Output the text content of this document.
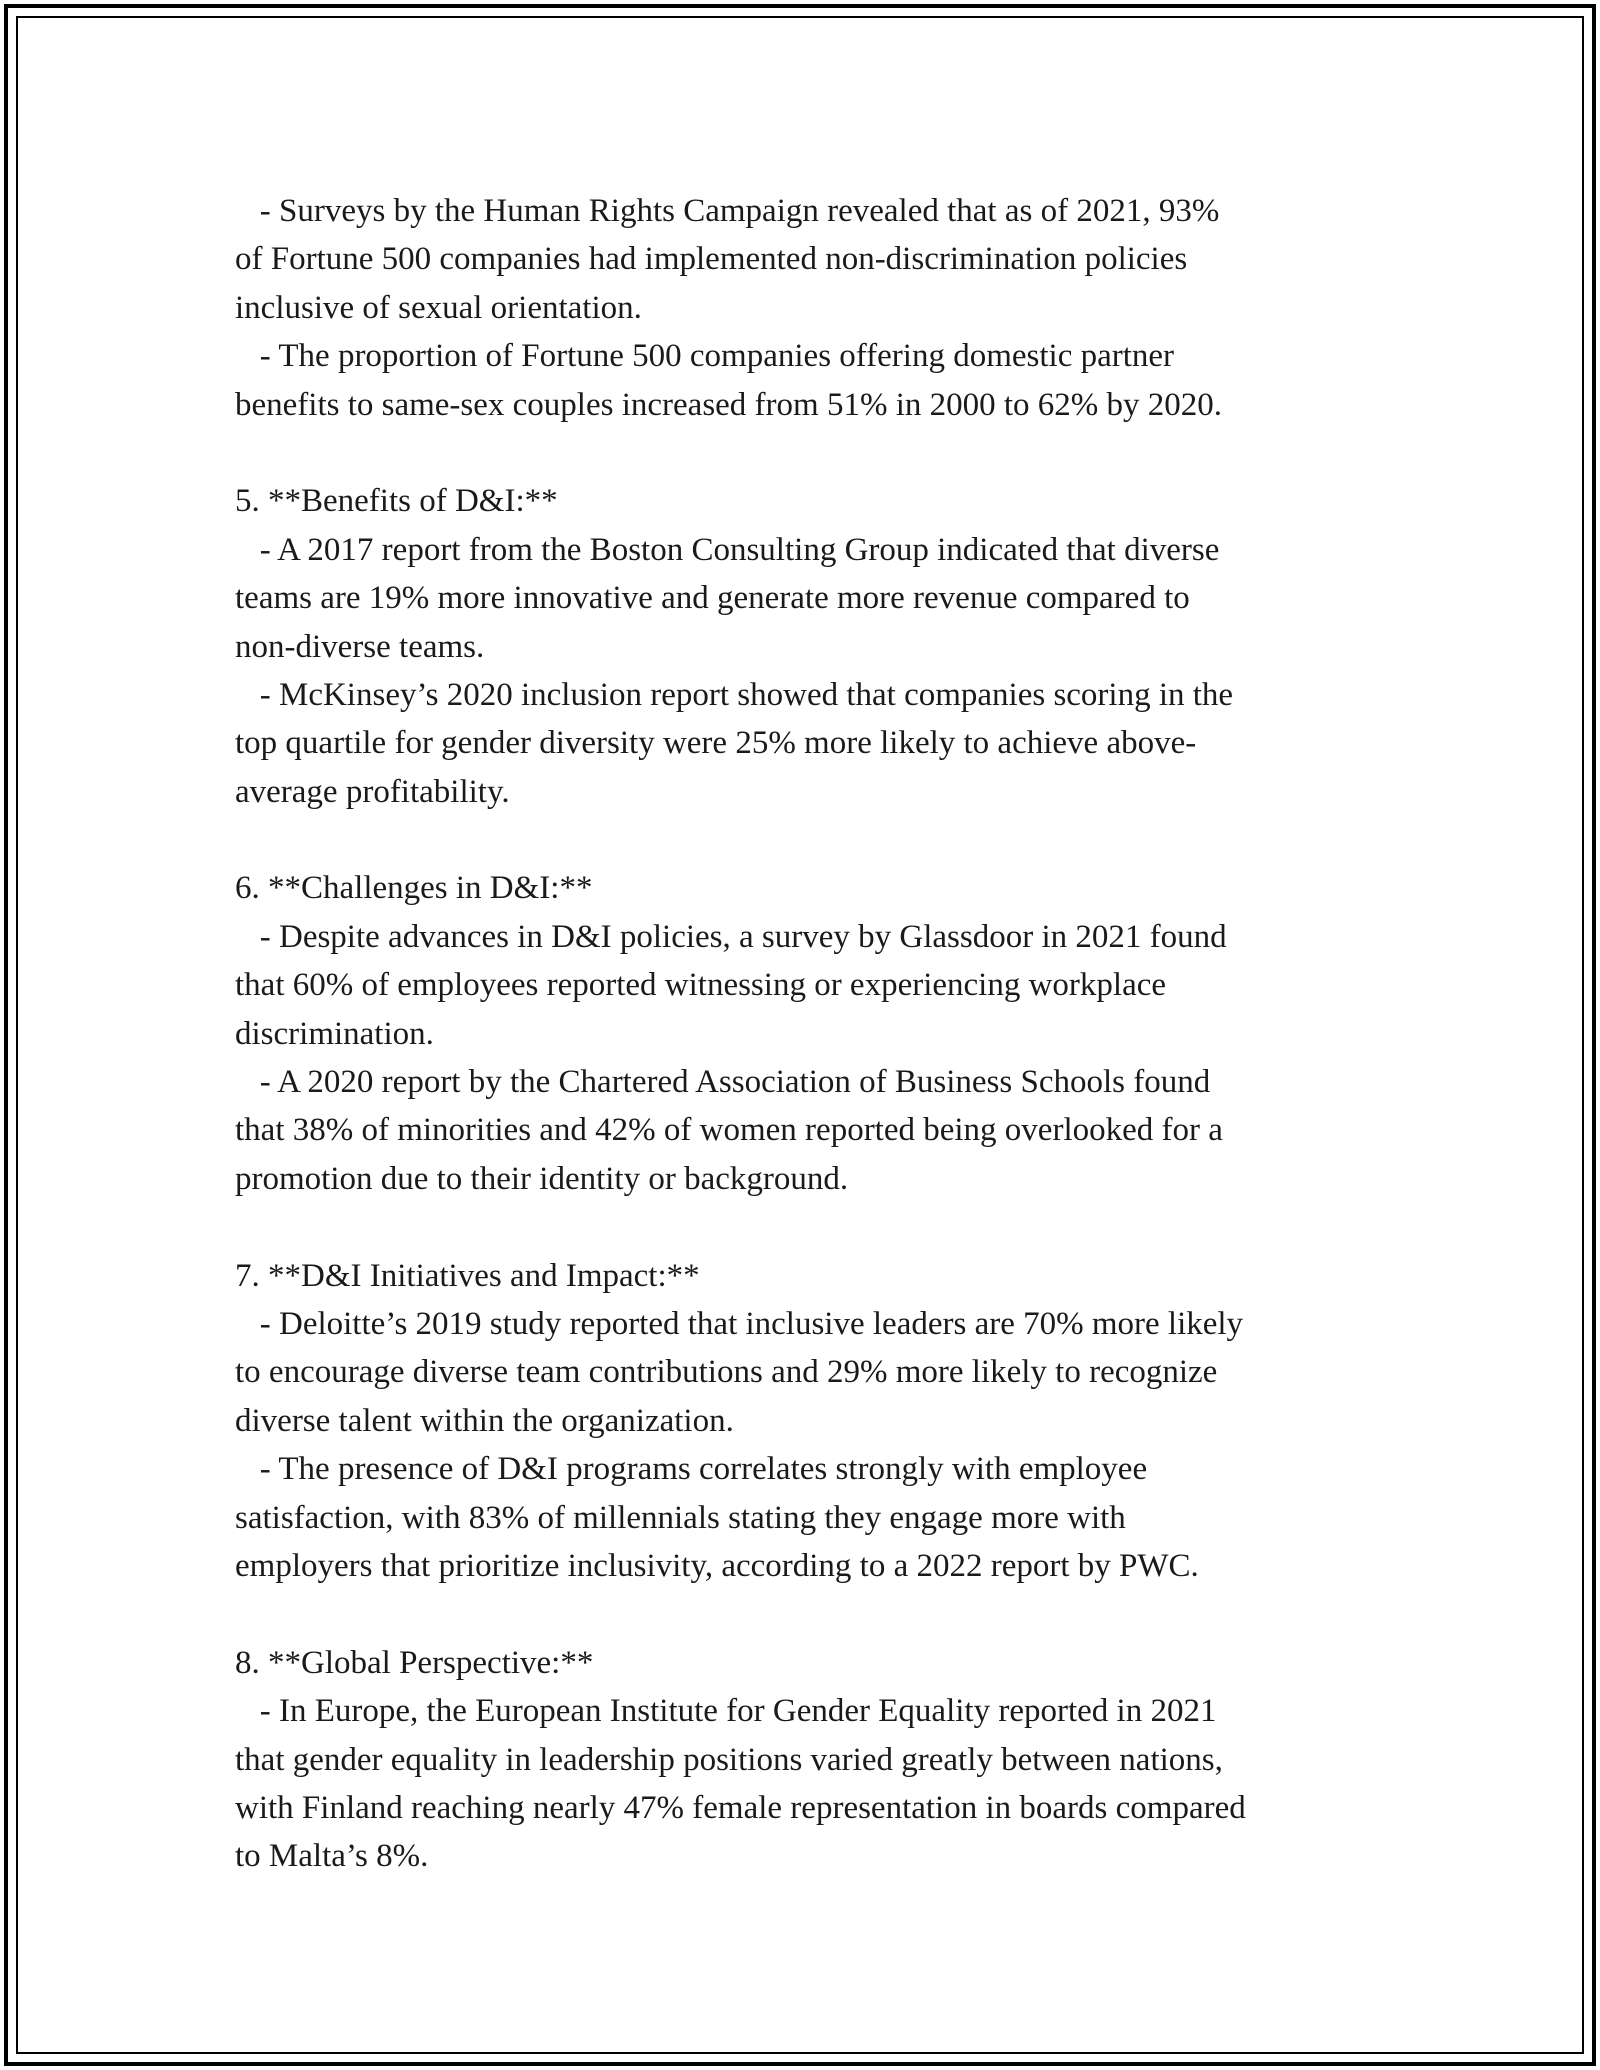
- Surveys by the Human Rights Campaign revealed that as of 2021, 93%
of Fortune 500 companies had implemented non-discrimination policies
inclusive of sexual orientation.
- The proportion of Fortune 500 companies offering domestic partner
benefits to same-sex couples increased from 51% in 2000 to 62% by 2020.
5. **Benefits of D&I:**
- A 2017 report from the Boston Consulting Group indicated that diverse
teams are 19% more innovative and generate more revenue compared to
non-diverse teams.
- McKinsey’s 2020 inclusion report showed that companies scoring in the
top quartile for gender diversity were 25% more likely to achieve above-
average profitability.
6. **Challenges in D&I:**
- Despite advances in D&I policies, a survey by Glassdoor in 2021 found
that 60% of employees reported witnessing or experiencing workplace
discrimination.
- A 2020 report by the Chartered Association of Business Schools found
that 38% of minorities and 42% of women reported being overlooked for a
promotion due to their identity or background.
7. **D&I Initiatives and Impact:**
- Deloitte’s 2019 study reported that inclusive leaders are 70% more likely
to encourage diverse team contributions and 29% more likely to recognize
diverse talent within the organization.
- The presence of D&I programs correlates strongly with employee
satisfaction, with 83% of millennials stating they engage more with
employers that prioritize inclusivity, according to a 2022 report by PWC.
8. **Global Perspective:**
- In Europe, the European Institute for Gender Equality reported in 2021
that gender equality in leadership positions varied greatly between nations,
with Finland reaching nearly 47% female representation in boards compared
to Malta’s 8%.
